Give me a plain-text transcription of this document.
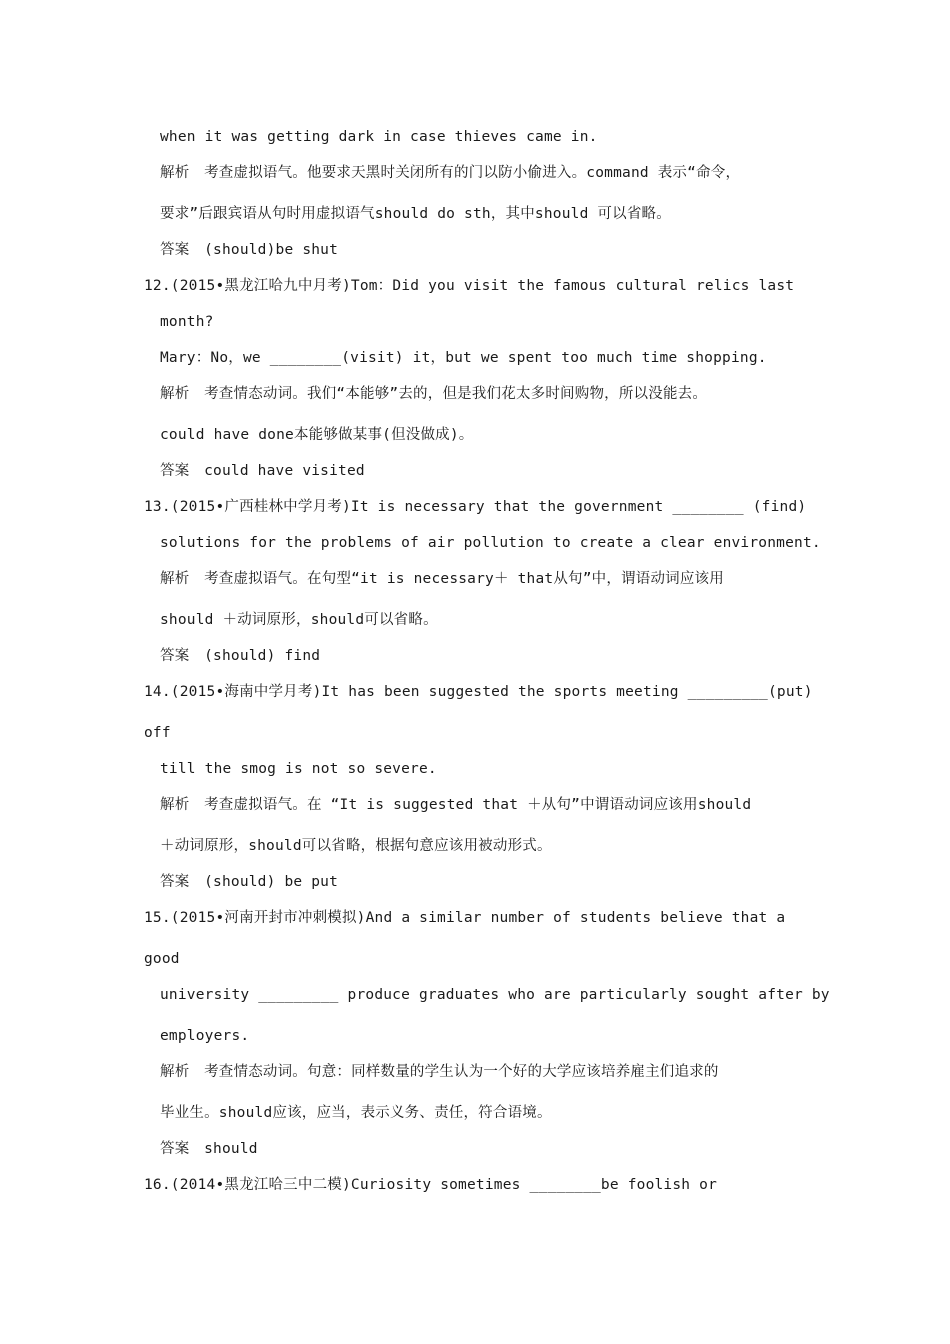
when it was getting dark in case thieves came in.
解析　考查虚拟语气。他要求天黑时关闭所有的门以防小偷进入。command 表示“命令，
要求”后跟宾语从句时用虚拟语气should do sth，其中should 可以省略。
答案　(should)be shut
12.(2015•黑龙江哈九中月考)Tom：Did you visit the famous cultural relics last
month?
Mary：No，we ________(visit) it，but we spent too much time shopping.
解析　考查情态动词。我们“本能够”去的，但是我们花太多时间购物，所以没能去。
could have done本能够做某事(但没做成)。
答案　could have visited
13.(2015•广西桂林中学月考)It is necessary that the government ________ (find)
solutions for the problems of air pollution to create a clear environment.
解析　考查虚拟语气。在句型“it is necessary＋ that从句”中，谓语动词应该用
should ＋动词原形，should可以省略。
答案　(should) find
14.(2015•海南中学月考)It has been suggested the sports meeting _________(put)
off
till the smog is not so severe.
解析　考查虚拟语气。在 “It is suggested that ＋从句”中谓语动词应该用should
＋动词原形，should可以省略，根据句意应该用被动形式。
答案　(should) be put
15.(2015•河南开封市冲刺模拟)And a similar number of students believe that a
good
university _________ produce graduates who are particularly sought after by
employers.
解析　考查情态动词。句意：同样数量的学生认为一个好的大学应该培养雇主们追求的
毕业生。should应该，应当，表示义务、责任，符合语境。
答案　should
16.(2014•黑龙江哈三中二模)Curiosity sometimes ________be foolish or
